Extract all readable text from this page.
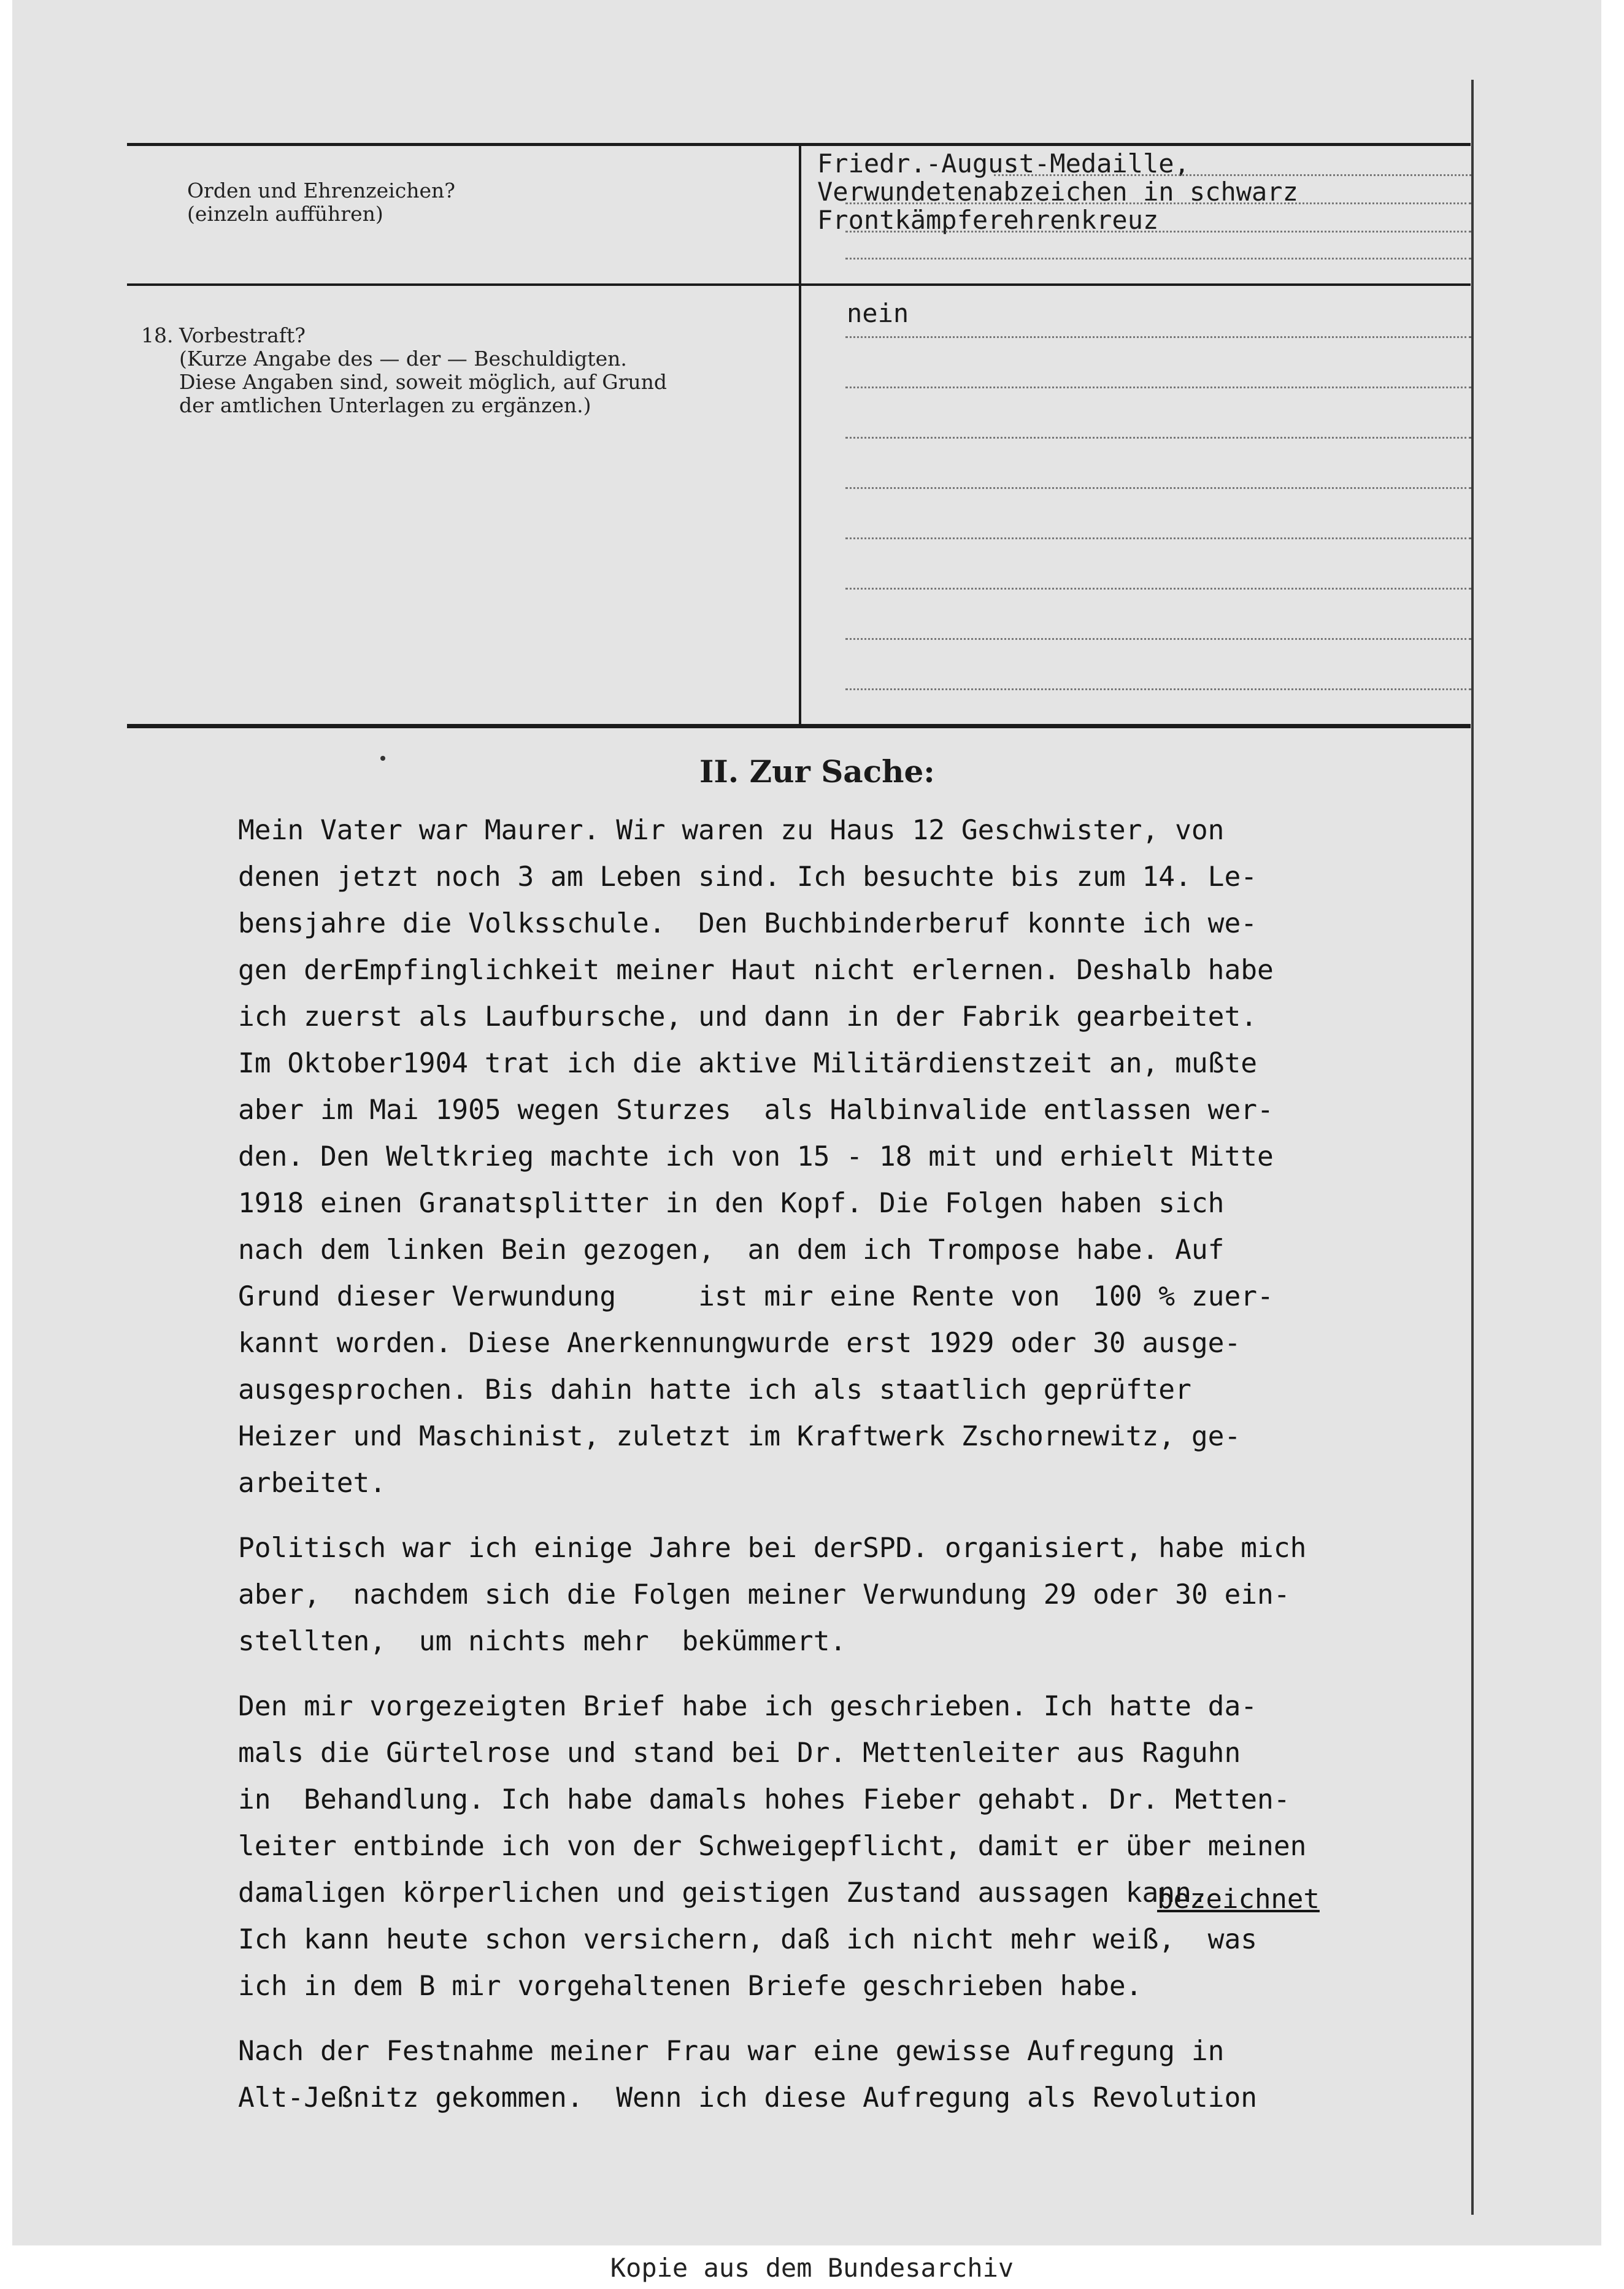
Orden und Ehrenzeichen?
(einzeln aufführen)
Friedr.-August-Medaille,
Verwundetenabzeichen in schwarz
Frontkämpferehrenkreuz
18. Vorbestraft?
(Kurze Angabe des — der — Beschuldigten.
Diese Angaben sind, soweit möglich, auf Grund
der amtlichen Unterlagen zu ergänzen.)
nein
II. Zur Sache:

Mein Vater war Maurer. Wir waren zu Haus 12 Geschwister, von
denen jetzt noch 3 am Leben sind. Ich besuchte bis zum 14. Le-
bensjahre die Volksschule.  Den Buchbinderberuf konnte ich we-
gen derEmpfinglichkeit meiner Haut nicht erlernen. Deshalb habe
ich zuerst als Laufbursche, und dann in der Fabrik gearbeitet.
Im Oktober1904 trat ich die aktive Militärdienstzeit an, mußte
aber im Mai 1905 wegen Sturzes  als Halbinvalide entlassen wer-
den. Den Weltkrieg machte ich von 15 - 18 mit und erhielt Mitte
1918 einen Granatsplitter in den Kopf. Die Folgen haben sich
nach dem linken Bein gezogen,  an dem ich Trompose habe. Auf
Grund dieser Verwundung     ist mir eine Rente von  100 % zuer-
kannt worden. Diese Anerkennungwurde erst 1929 oder 30 ausge-
ausgesprochen. Bis dahin hatte ich als staatlich geprüfter
Heizer und Maschinist, zuletzt im Kraftwerk Zschornewitz, ge-
arbeitet.

Politisch war ich einige Jahre bei derSPD. organisiert, habe mich
aber,  nachdem sich die Folgen meiner Verwundung 29 oder 30 ein-
stellten,  um nichts mehr  bekümmert.

Den mir vorgezeigten Brief habe ich geschrieben. Ich hatte da-
mals die Gürtelrose und stand bei Dr. Mettenleiter aus Raguhn
in  Behandlung. Ich habe damals hohes Fieber gehabt. Dr. Metten-
leiter entbinde ich von der Schweigepflicht, damit er über meinen
damaligen körperlichen und geistigen Zustand aussagen kann.
Ich kann heute schon versichern, daß ich nicht mehr weiß,  was
ich in dem B mir vorgehaltenen Briefe geschrieben habe.

Nach der Festnahme meiner Frau war eine gewisse Aufregung in
Alt-Jeßnitz gekommen.  Wenn ich diese Aufregung als Revolution

bezeichnet
Kopie aus dem Bundesarchiv
